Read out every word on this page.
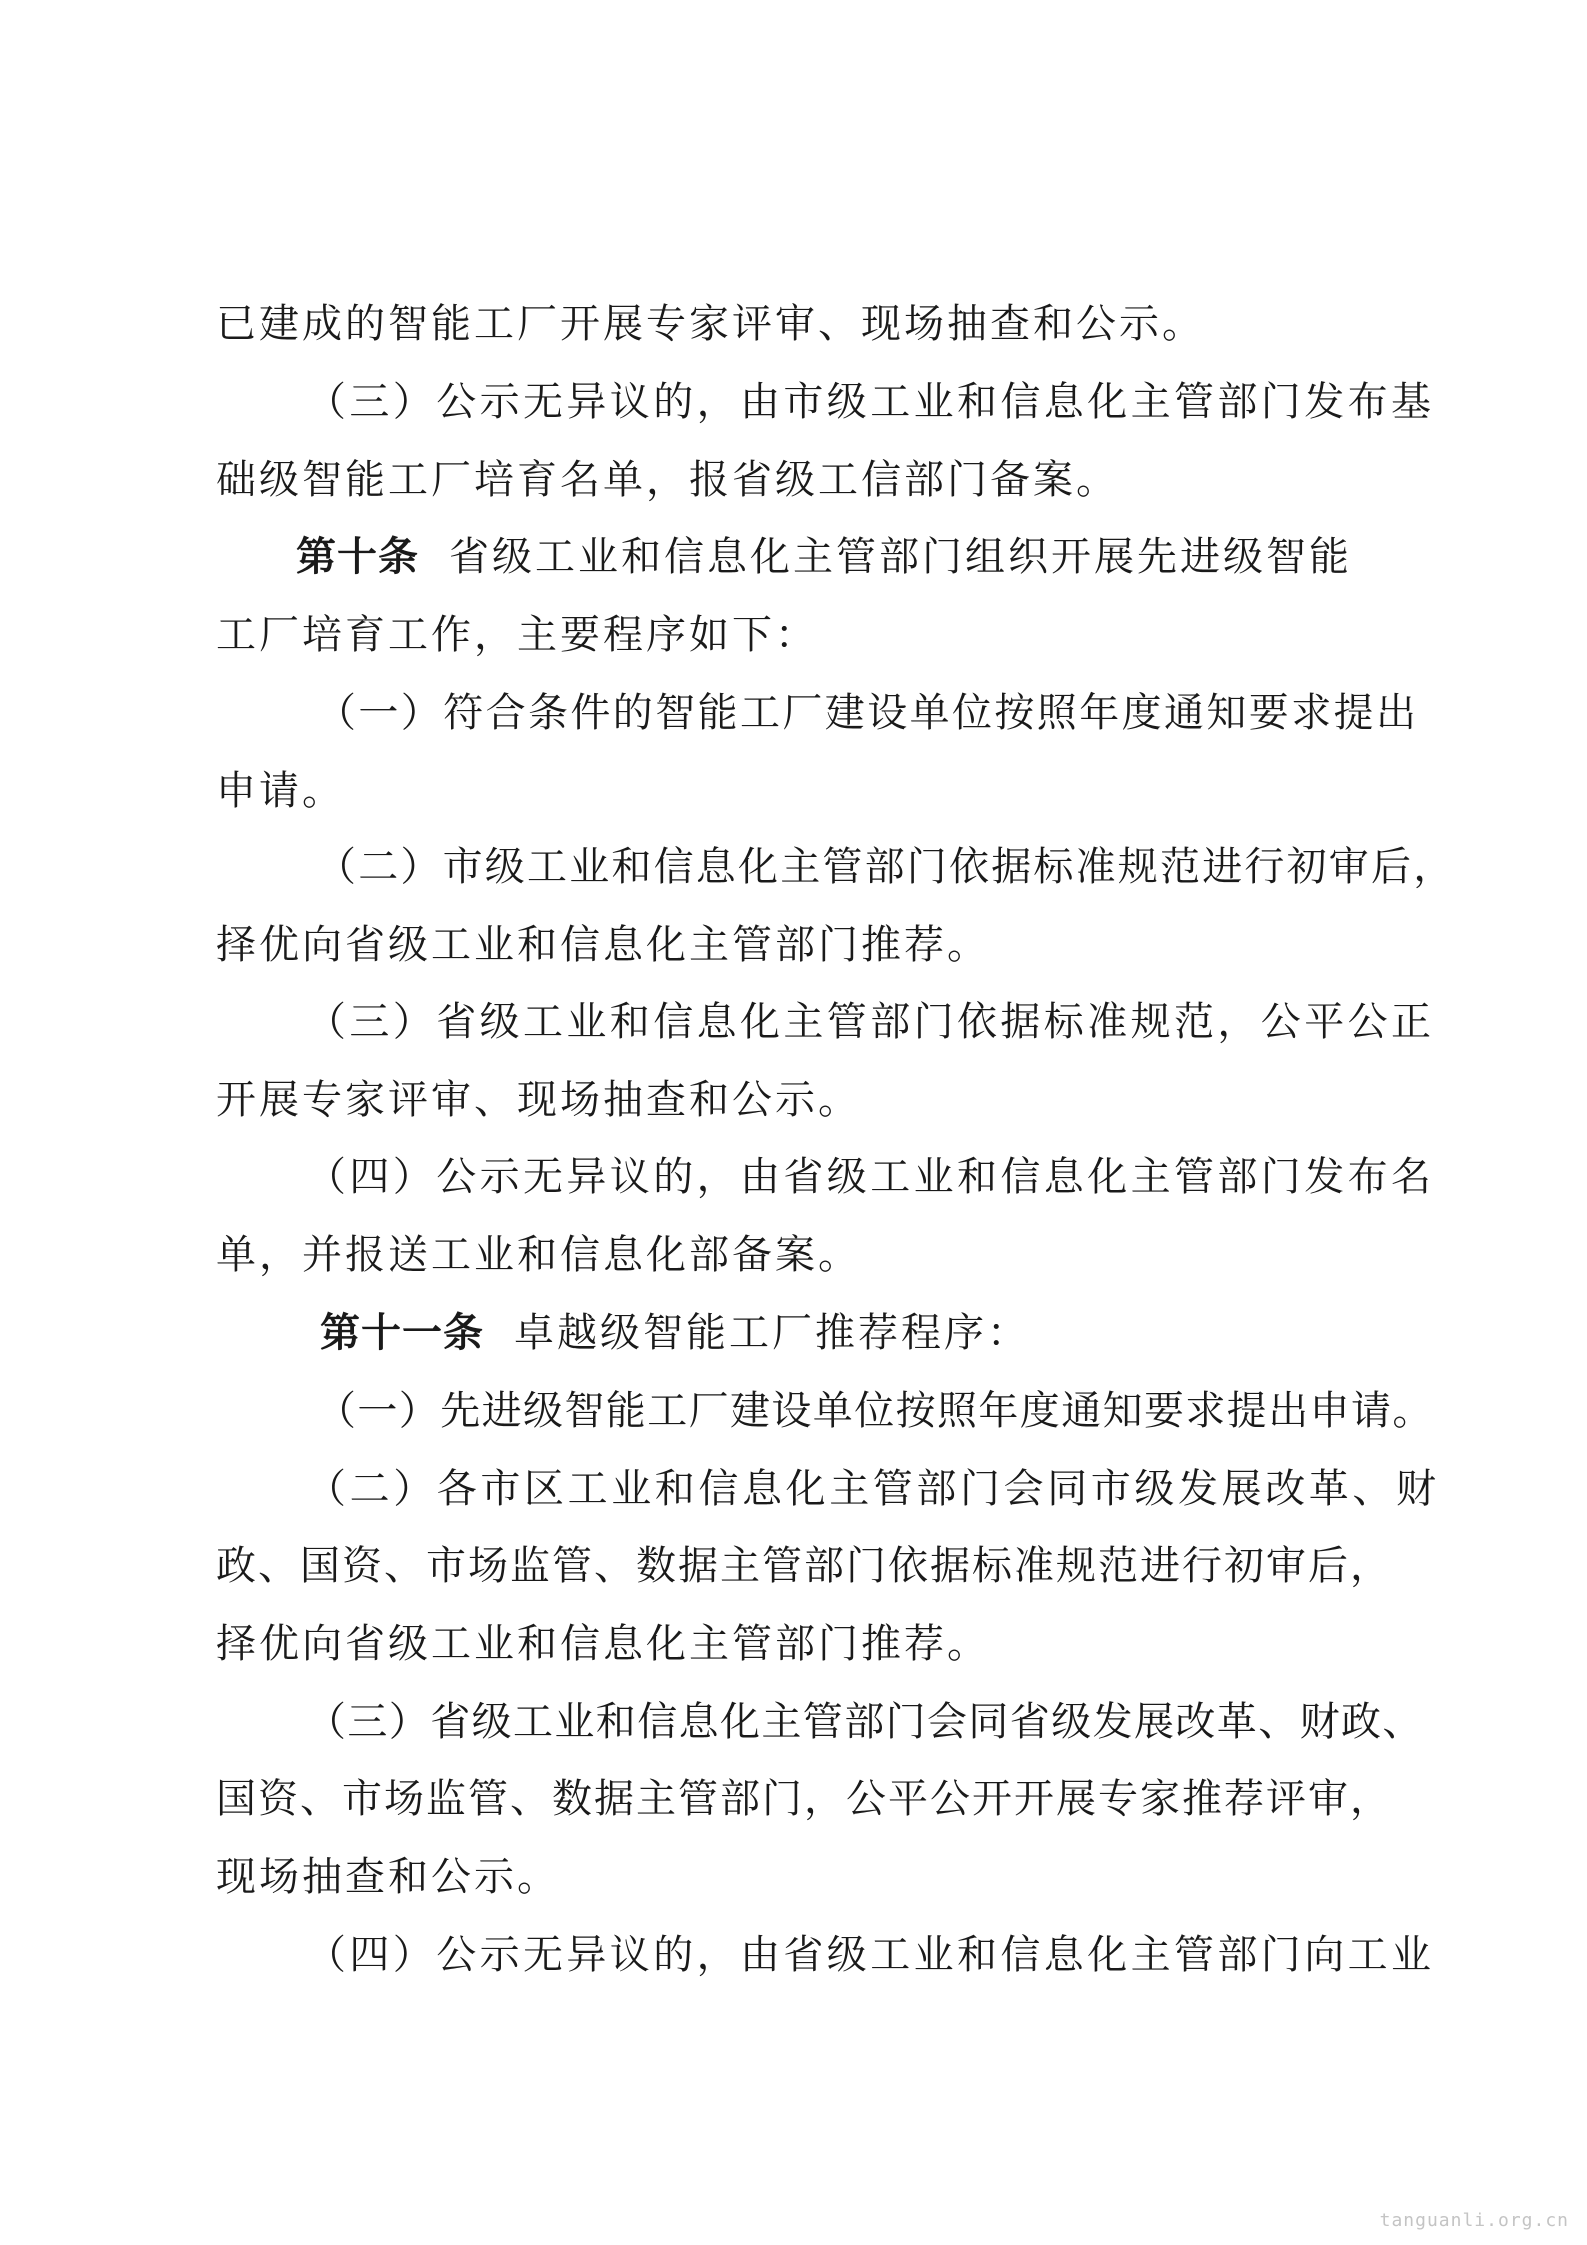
已建成的智能工厂开展专家评审、现场抽查和公示。
（三）公示无异议的，由市级工业和信息化主管部门发布基
础级智能工厂培育名单，报省级工信部门备案。
第十条 省级工业和信息化主管部门组织开展先进级智能
工厂培育工作，主要程序如下：
（一）符合条件的智能工厂建设单位按照年度通知要求提出
申请。
（二）市级工业和信息化主管部门依据标准规范进行初审后，
择优向省级工业和信息化主管部门推荐。
（三）省级工业和信息化主管部门依据标准规范，公平公正
开展专家评审、现场抽查和公示。
（四）公示无异议的，由省级工业和信息化主管部门发布名
单，并报送工业和信息化部备案。
第十一条 卓越级智能工厂推荐程序：
（一）先进级智能工厂建设单位按照年度通知要求提出申请。
（二）各市区工业和信息化主管部门会同市级发展改革、财
政、国资、市场监管、数据主管部门依据标准规范进行初审后，
择优向省级工业和信息化主管部门推荐。
（三）省级工业和信息化主管部门会同省级发展改革、财政、
国资、市场监管、数据主管部门，公平公开开展专家推荐评审，
现场抽查和公示。
（四）公示无异议的，由省级工业和信息化主管部门向工业
tanguanli.org.cn
